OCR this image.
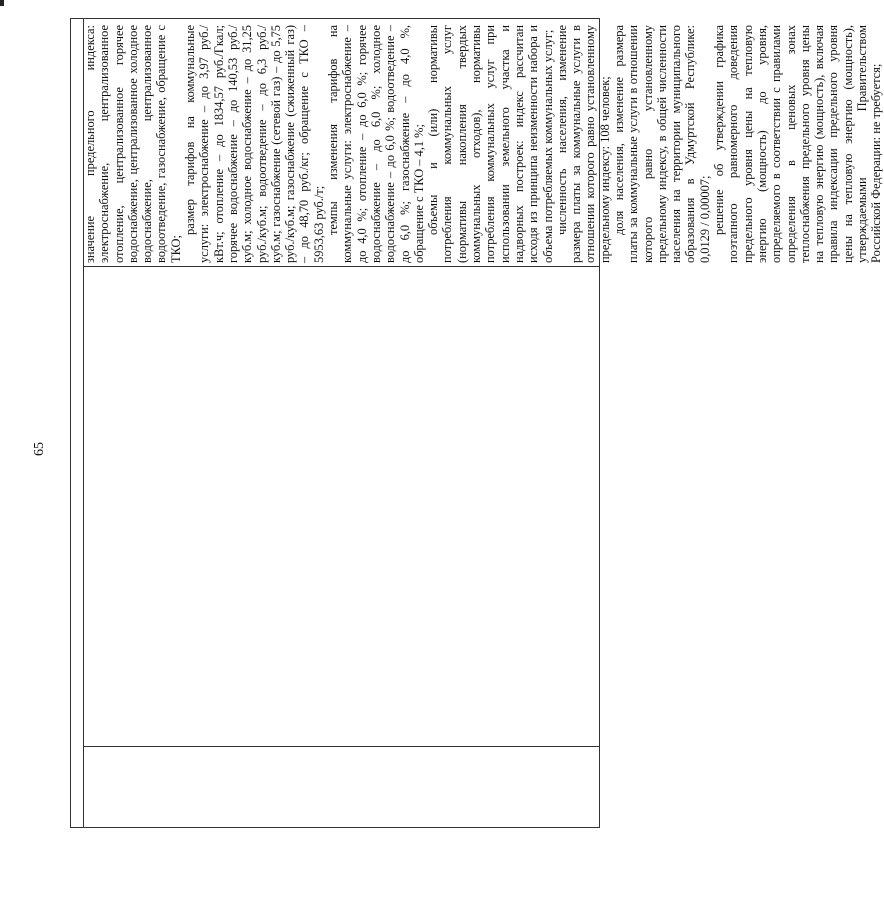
65

значение предельного индекса: электроснабжение, централизованное отопление, централизованное горячее водоснабжение, централизованное холодное водоснабжение, централизованное водоотведение, газоснабжение, обращение с ТКО;

размер тарифов на коммунальные услуги: электроснабжение – до 3,97 руб./кВт.ч; отопление – до 1834,57 руб./Гкал; горячее водоснабжение – до 140,53 руб./куб.м; холодное водоснабжение – до 31,25 руб./куб.м; водоотведение – до 6,3 руб./куб.м; газоснабжение (сетевой газ) – до 5,75 руб./куб.м; газоснабжение (сжиженный газ) – до 48,70 руб./кг; обращение с ТКО – 5953,63 руб./т; темпы изменения тарифов на коммунальные услуги: электроснабжение – до 4,0 %; отопление – до 6,0 %; горячее водоснабжение – до 6,0 %; холодное водоснабжение – до 6,0 %; водоотведение – до 6,0 %; газоснабжение – до 4,0 %, обращение с ТКО – 4,1 %; объемы и (или) нормативы потребления коммунальных услуг (нормативы накопления твердых коммунальных отходов), нормативы потребления коммунальных услуг при использовании земельного участка и надворных построек: индекс рассчитан исходя из принципа неизменности набора и объема потребляемых коммунальных услуг; численность населения, изменение размера платы за коммунальные услуги в отношении которого равно установленному предельному индексу: 108 человек; доля населения, изменение размера платы за коммунальные услуги в отношении которого равно установленному предельному индексу, в общей численности населения на территории муниципального образования в Удмуртской Республике: 0,0129 / 0,00007; решение об утверждении графика поэтапного равномерного доведения предельного уровня цены на тепловую энергию (мощность) до уровня, определяемого в соответствии с правилами определения в ценовых зонах теплоснабжения предельного уровня цены на тепловую энергию (мощность), включая правила индексации предельного уровня цены на тепловую энергию (мощность), утверждаемыми Правительством Российской Федерации: не требуется;
